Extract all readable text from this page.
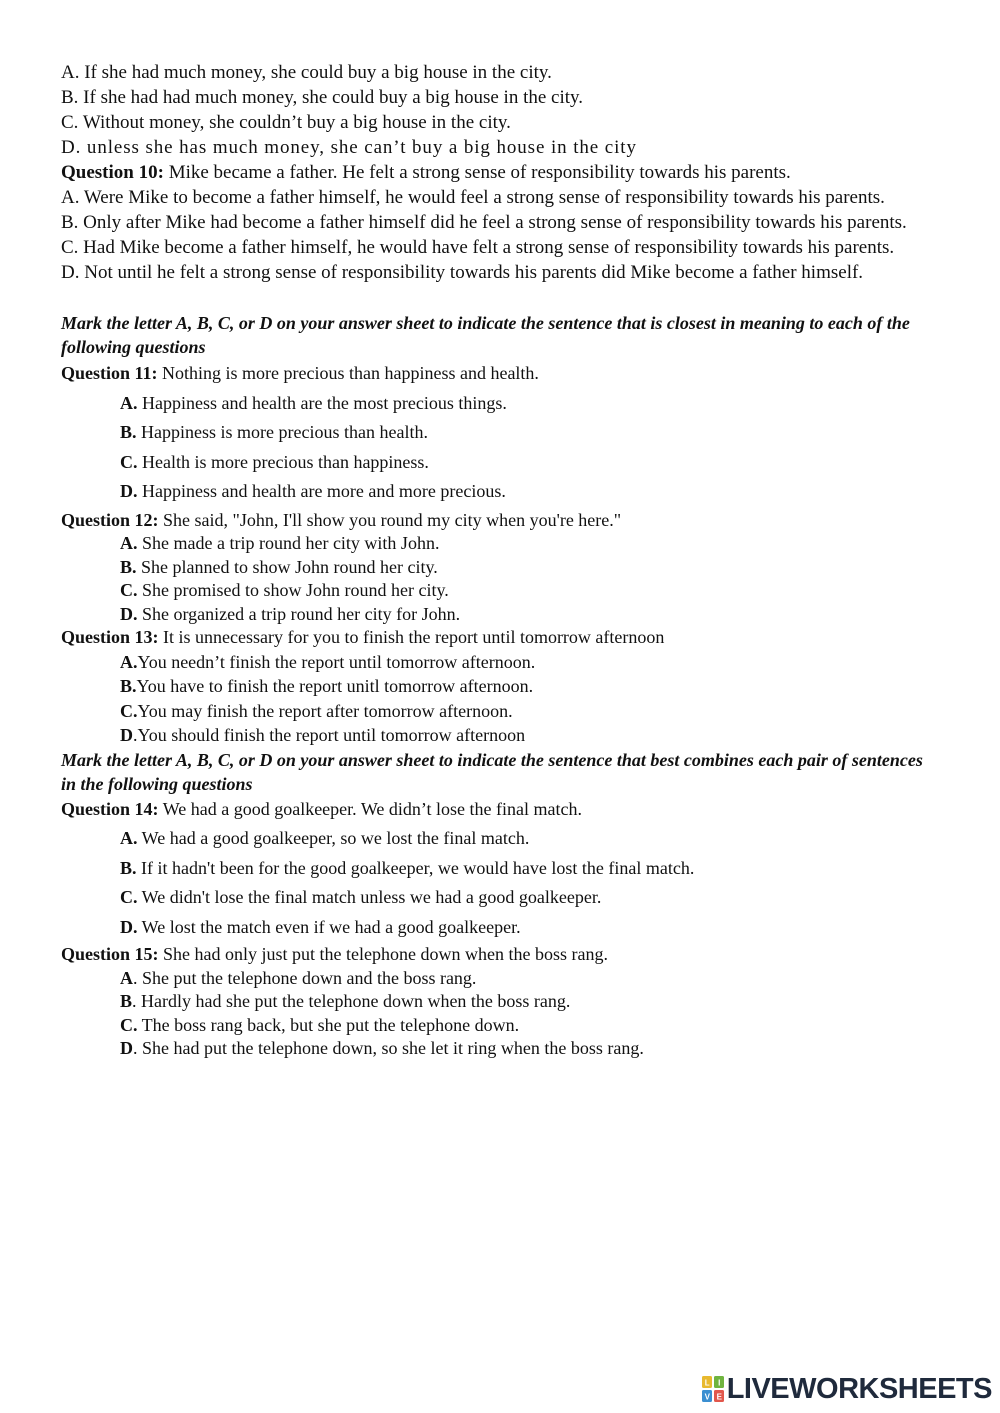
A. If she had much money, she could buy a big house in the city.

B. If she had had much money, she could buy a big house in the city.

C. Without money, she couldn’t buy a big house in the city.

D. unless she has much money, she can’t buy a big house in the city

Question 10: Mike became a father. He felt a strong sense of responsibility towards his parents.

A. Were Mike to become a father himself, he would feel a strong sense of responsibility towards his parents.

B. Only after Mike had become a father himself did he feel a strong sense of responsibility towards his parents.

C. Had Mike become a father himself, he would have felt a strong sense of responsibility towards his parents.

D. Not until he felt a strong sense of responsibility towards his parents did Mike become a father himself.

Mark the letter A, B, C, or D on your answer sheet to indicate the sentence that is closest in meaning to each of the following questions

Question 11: Nothing is more precious than happiness and health.

A. Happiness and health are the most precious things.

B. Happiness is more precious than health.

C. Health is more precious than happiness.

D. Happiness and health are more and more precious.

Question 12: She said, "John, I'll show you round my city when you're here."

A. She made a trip round her city with John.

B. She planned to show John round her city.

C. She promised to show John round her city.

D. She organized a trip round her city for John.

Question 13: It is unnecessary for you to finish the report until tomorrow afternoon

A.You needn’t finish the report until tomorrow afternoon.

B.You have to finish the report unitl tomorrow afternoon.

C.You may finish the report after tomorrow afternoon.

D.You should finish the report until tomorrow afternoon

Mark the letter A, B, C, or D on your answer sheet to indicate the sentence that best combines each pair of sentences in the following questions

Question 14: We had a good goalkeeper. We didn’t lose the final match.

A. We had a good goalkeeper, so we lost the final match.

B. If it hadn't been for the good goalkeeper, we would have lost the final match.

C. We didn't lose the final match unless we had a good goalkeeper.

D. We lost the match even if we had a good goalkeeper.

Question 15: She had only just put the telephone down when the boss rang.

A. She put the telephone down and the boss rang.

B. Hardly had she put the telephone down when the boss rang.

C. The boss rang back, but she put the telephone down.

D. She had put the telephone down, so she let it ring when the boss rang.

L I
V E LIVEWORKSHEETS
